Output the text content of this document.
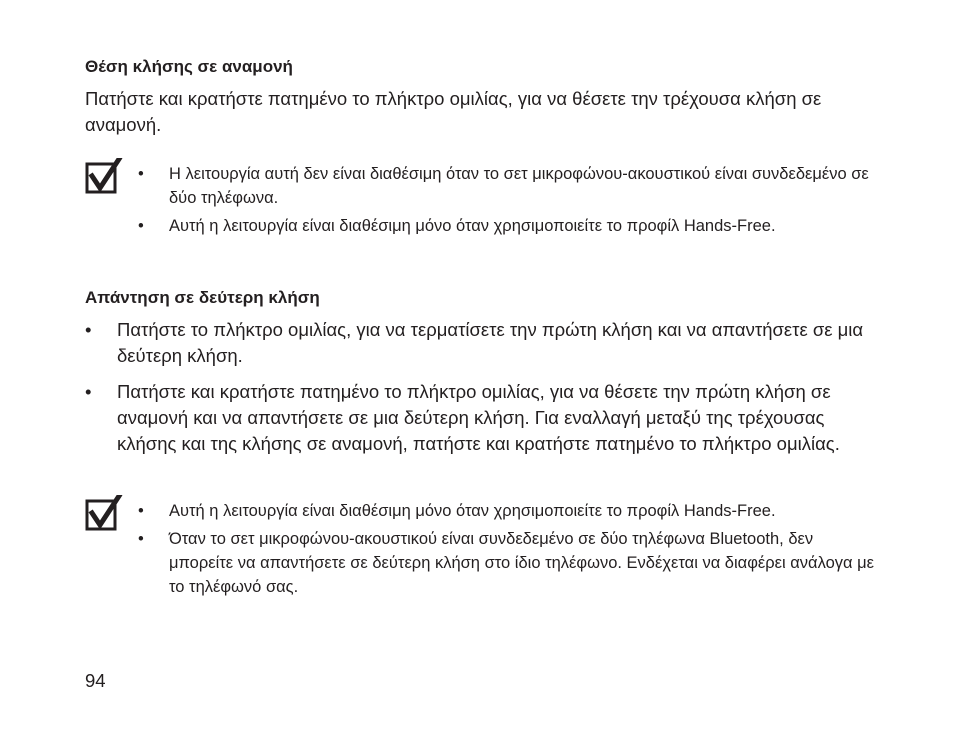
Θέση κλήσης σε αναμονή

Πατήστε και κρατήστε πατημένο το πλήκτρο ομιλίας, για να θέσετε την τρέχουσα κλήση σε αναμονή.

• Η λειτουργία αυτή δεν είναι διαθέσιμη όταν το σετ μικροφώνου-ακουστικού είναι συνδεδεμένο σε δύο τηλέφωνα.
• Αυτή η λειτουργία είναι διαθέσιμη μόνο όταν χρησιμοποιείτε το προφίλ Hands-Free.
Απάντηση σε δεύτερη κλήση
• Πατήστε το πλήκτρο ομιλίας, για να τερματίσετε την πρώτη κλήση και να απαντήσετε σε μια δεύτερη κλήση.
• Πατήστε και κρατήστε πατημένο το πλήκτρο ομιλίας, για να θέσετε την πρώτη κλήση σε αναμονή και να απαντήσετε σε μια δεύτερη κλήση. Για εναλλαγή μεταξύ της τρέχουσας κλήσης και της κλήσης σε αναμονή, πατήστε και κρατήστε πατημένο το πλήκτρο ομιλίας.
• Αυτή η λειτουργία είναι διαθέσιμη μόνο όταν χρησιμοποιείτε το προφίλ Hands-Free.
• Όταν το σετ μικροφώνου-ακουστικού είναι συνδεδεμένο σε δύο τηλέφωνα Bluetooth, δεν μπορείτε να απαντήσετε σε δεύτερη κλήση στο ίδιο τηλέφωνο. Ενδέχεται να διαφέρει ανάλογα με το τηλέφωνό σας.

94
